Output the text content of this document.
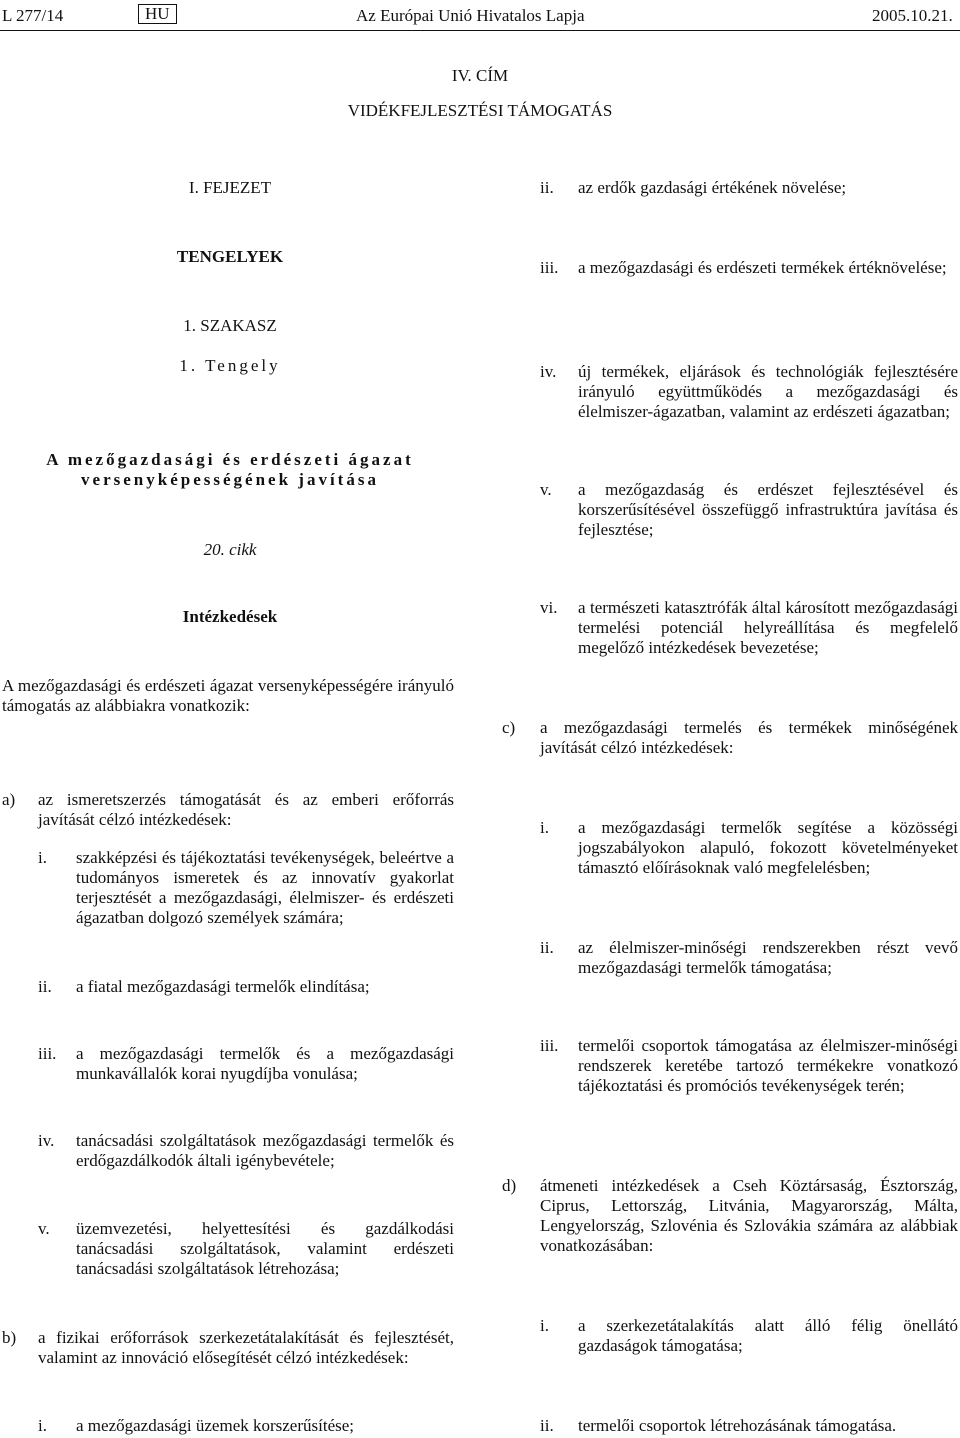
L 277/14	HU	Az Európai Unió Hivatalos Lapja	2005.10.21.
IV. CÍM
VIDÉKFEJLESZTÉSI TÁMOGATÁS
I. FEJEZET
TENGELYEK
1. SZAKASZ
1. Tengely
A mezőgazdasági és erdészeti ágazat
versenyképességének javítása
20. cikk
Intézkedések
A mezőgazdasági és erdészeti ágazat versenyképességére irányuló támogatás az alábbiakra vonatkozik:
a) az ismeretszerzés támogatását és az emberi erőforrás javítását célzó intézkedések:
i. szakképzési és tájékoztatási tevékenységek, beleértve a tudományos ismeretek és az innovatív gyakorlat terjesztését a mezőgazdasági, élelmiszer- és erdészeti ágazatban dolgozó személyek számára;
ii. a fiatal mezőgazdasági termelők elindítása;
iii. a mezőgazdasági termelők és a mezőgazdasági munkavállalók korai nyugdíjba vonulása;
iv. tanácsadási szolgáltatások mezőgazdasági termelők és erdőgazdálkodók általi igénybevétele;
v. üzemvezetési, helyettesítési és gazdálkodási tanácsadási szolgáltatások, valamint erdészeti tanácsadási szolgáltatások létrehozása;
b) a fizikai erőforrások szerkezetátalakítását és fejlesztését, valamint az innováció elősegítését célzó intézkedések:
i. a mezőgazdasági üzemek korszerűsítése;
ii. az erdők gazdasági értékének növelése;
iii. a mezőgazdasági és erdészeti termékek értéknövelése;
iv. új termékek, eljárások és technológiák fejlesztésére irányuló együttműködés a mezőgazdasági és élelmiszer-ágazatban, valamint az erdészeti ágazatban;
v. a mezőgazdaság és erdészet fejlesztésével és korszerűsítésével összefüggő infrastruktúra javítása és fejlesztése;
vi. a természeti katasztrófák által károsított mezőgazdasági termelési potenciál helyreállítása és megfelelő megelőző intézkedések bevezetése;
c) a mezőgazdasági termelés és termékek minőségének javítását célzó intézkedések:
i. a mezőgazdasági termelők segítése a közösségi jogszabályokon alapuló, fokozott követelményeket támasztó előírásoknak való megfelelésben;
ii. az élelmiszer-minőségi rendszerekben részt vevő mezőgazdasági termelők támogatása;
iii. termelői csoportok támogatása az élelmiszer-minőségi rendszerek keretébe tartozó termékekre vonatkozó tájékoztatási és promóciós tevékenységek terén;
d) átmeneti intézkedések a Cseh Köztársaság, Észtország, Ciprus, Lettország, Litvánia, Magyarország, Málta, Lengyelország, Szlovénia és Szlovákia számára az alábbiak vonatkozásában:
i. a szerkezetátalakítás alatt álló félig önellátó gazdaságok támogatása;
ii. termelői csoportok létrehozásának támogatása.
